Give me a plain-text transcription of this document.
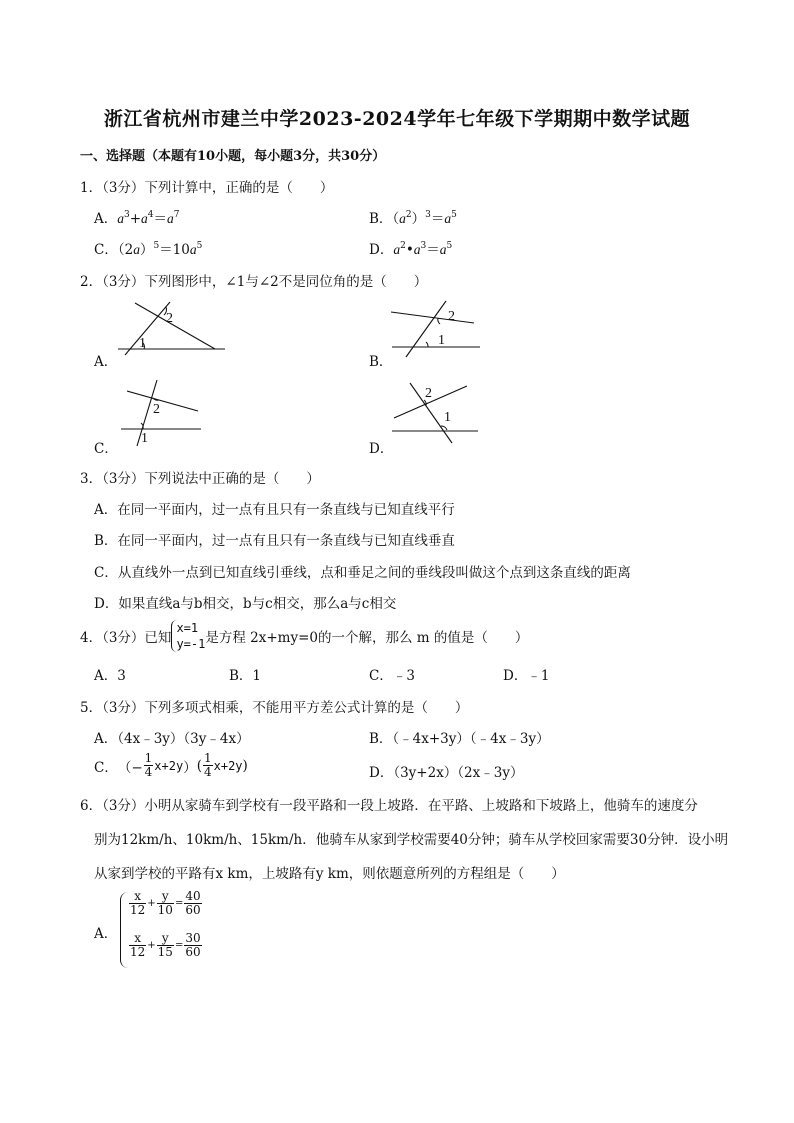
浙江省杭州市建兰中学2023-2024学年七年级下学期期中数学试题
一、选择题（本题有10小题，每小题3分，共30分）
1．（3分）下列计算中，正确的是（　　）
A．$a^3+a^4=a^7$	B．$(a^2)^3=a^5$
C．$(2a)^5=10a^5$	D．$a^2•a^3=a^5$
2．（3分）下列图形中，∠1与∠2不是同位角的是（　　）
A．
1
2
B．
1
2
C．
1
2
D．
1
2
3．（3分）下列说法中正确的是（　　）
A．在同一平面内，过一点有且只有一条直线与已知直线平行
B．在同一平面内，过一点有且只有一条直线与已知直线垂直
C．从直线外一点到已知直线引垂线，点和垂足之间的垂线段叫做这个点到这条直线的距离
D．如果直线a与b相交，b与c相交，那么a与c相交
4．（3分）已知
x=1
y=-1 是方程 2x+my=0的一个解，那么 m 的值是（　　）
A．3	B．1	C．﹣3	D．﹣1
5．（3分）下列多项式相乘，不能用平方差公式计算的是（　　）
A．（4x﹣3y）（3y﹣4x）	B．（﹣4x+3y）（﹣4x﹣3y）
C． （− $\frac{1}{4} x+2y$ ） ( $\frac{1}{4} x+2y$ )	D．（3y+2x）（2x﹣3y）
6．（3分）小明从家骑车到学校有一段平路和一段上坡路．在平路、上坡路和下坡路上，他骑车的速度分
别为12km/h、10km/h、15km/h．他骑车从家到学校需要40分钟；骑车从学校回家需要30分钟．设小明
从家到学校的平路有x km，上坡路有y km，则依题意所列的方程组是（　　）
A．
$\frac{x}{12} + \frac{y}{10} = \frac{40}{60}$
$\frac{x}{12} + \frac{y}{15} = \frac{30}{60}$
